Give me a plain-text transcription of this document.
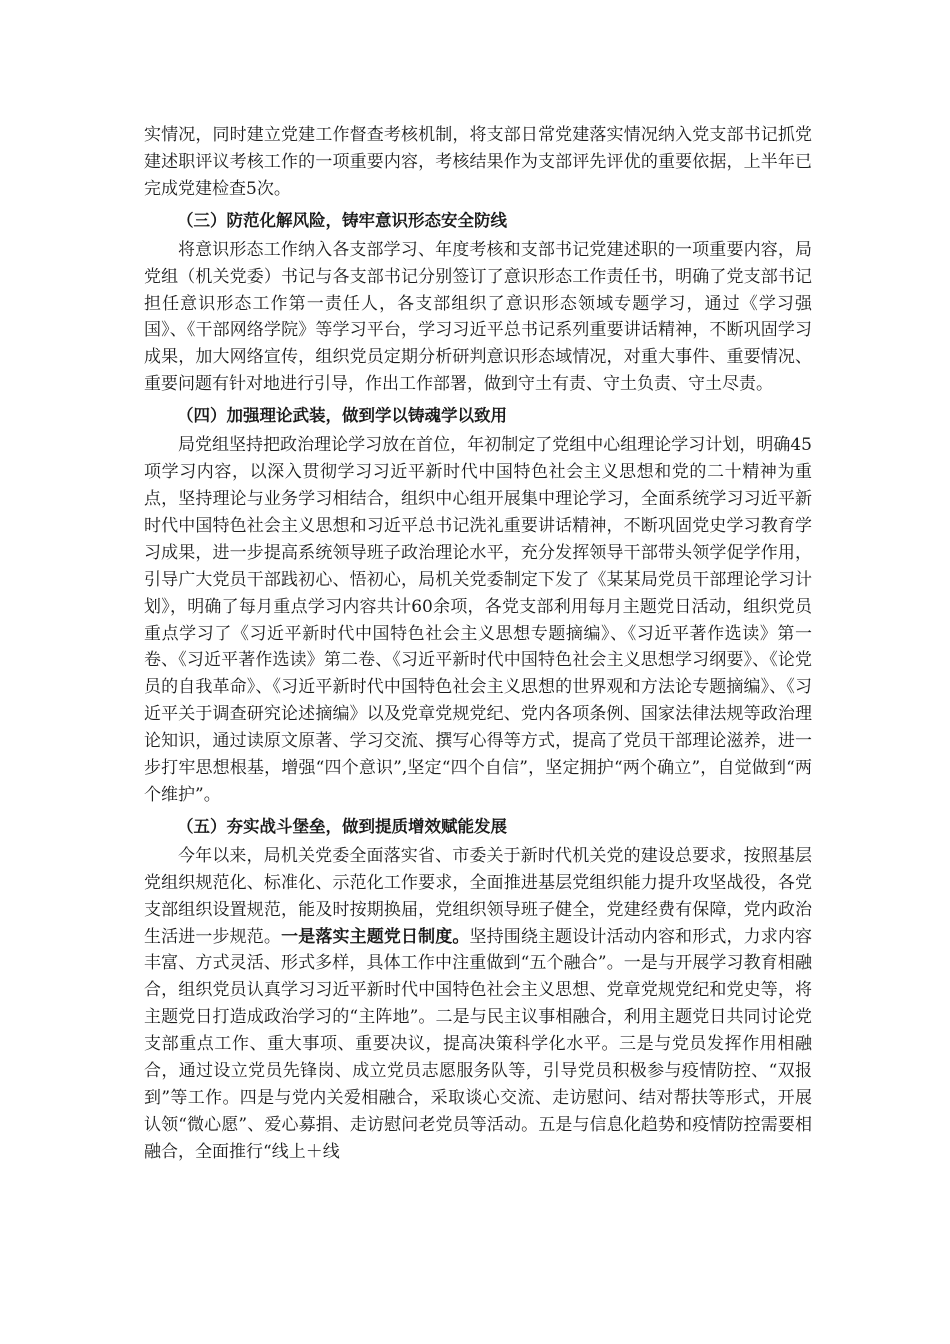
实情况，同时建立党建工作督查考核机制，将支部日常党建落实情况纳入党支部书记抓党建述职评议考核工作的一项重要内容，考核结果作为支部评先评优的重要依据，上半年已完成党建检查5次。

（三）防范化解风险，铸牢意识形态安全防线

将意识形态工作纳入各支部学习、年度考核和支部书记党建述职的一项重要内容，局党组（机关党委）书记与各支部书记分别签订了意识形态工作责任书，明确了党支部书记担任意识形态工作第一责任人，各支部组织了意识形态领域专题学习，通过《学习强国》、《干部网络学院》等学习平台，学习习近平总书记系列重要讲话精神，不断巩固学习成果，加大网络宣传，组织党员定期分析研判意识形态域情况，对重大事件、重要情况、重要问题有针对地进行引导，作出工作部署，做到守土有责、守土负责、守土尽责。

（四）加强理论武装，做到学以铸魂学以致用

局党组坚持把政治理论学习放在首位，年初制定了党组中心组理论学习计划，明确45项学习内容，以深入贯彻学习习近平新时代中国特色社会主义思想和党的二十精神为重点，坚持理论与业务学习相结合，组织中心组开展集中理论学习，全面系统学习习近平新时代中国特色社会主义思想和习近平总书记洗礼重要讲话精神，不断巩固党史学习教育学习成果，进一步提高系统领导班子政治理论水平，充分发挥领导干部带头领学促学作用，引导广大党员干部践初心、悟初心，局机关党委制定下发了《某某局党员干部理论学习计划》，明确了每月重点学习内容共计60余项，各党支部利用每月主题党日活动，组织党员重点学习了《习近平新时代中国特色社会主义思想专题摘编》、《习近平著作选读》第一卷、《习近平著作选读》第二卷、《习近平新时代中国特色社会主义思想学习纲要》、《论党员的自我革命》、《习近平新时代中国特色社会主义思想的世界观和方法论专题摘编》、《习近平关于调查研究论述摘编》以及党章党规党纪、党内各项条例、国家法律法规等政治理论知识，通过读原文原著、学习交流、撰写心得等方式，提高了党员干部理论滋养，进一步打牢思想根基，增强“四个意识”,坚定“四个自信”，坚定拥护“两个确立”，自觉做到“两个维护”。

（五）夯实战斗堡垒，做到提质增效赋能发展

今年以来，局机关党委全面落实省、市委关于新时代机关党的建设总要求，按照基层党组织规范化、标准化、示范化工作要求，全面推进基层党组织能力提升攻坚战役，各党支部组织设置规范，能及时按期换届，党组织领导班子健全，党建经费有保障，党内政治生活进一步规范。一是落实主题党日制度。坚持围绕主题设计活动内容和形式，力求内容丰富、方式灵活、形式多样，具体工作中注重做到“五个融合”。一是与开展学习教育相融合，组织党员认真学习习近平新时代中国特色社会主义思想、党章党规党纪和党史等，将主题党日打造成政治学习的“主阵地”。二是与民主议事相融合，利用主题党日共同讨论党支部重点工作、重大事项、重要决议，提高决策科学化水平。三是与党员发挥作用相融合，通过设立党员先锋岗、成立党员志愿服务队等，引导党员积极参与疫情防控、“双报到”等工作。四是与党内关爱相融合，采取谈心交流、走访慰问、结对帮扶等形式，开展认领“微心愿”、爱心募捐、走访慰问老党员等活动。五是与信息化趋势和疫情防控需要相融合，全面推行“线上＋线
